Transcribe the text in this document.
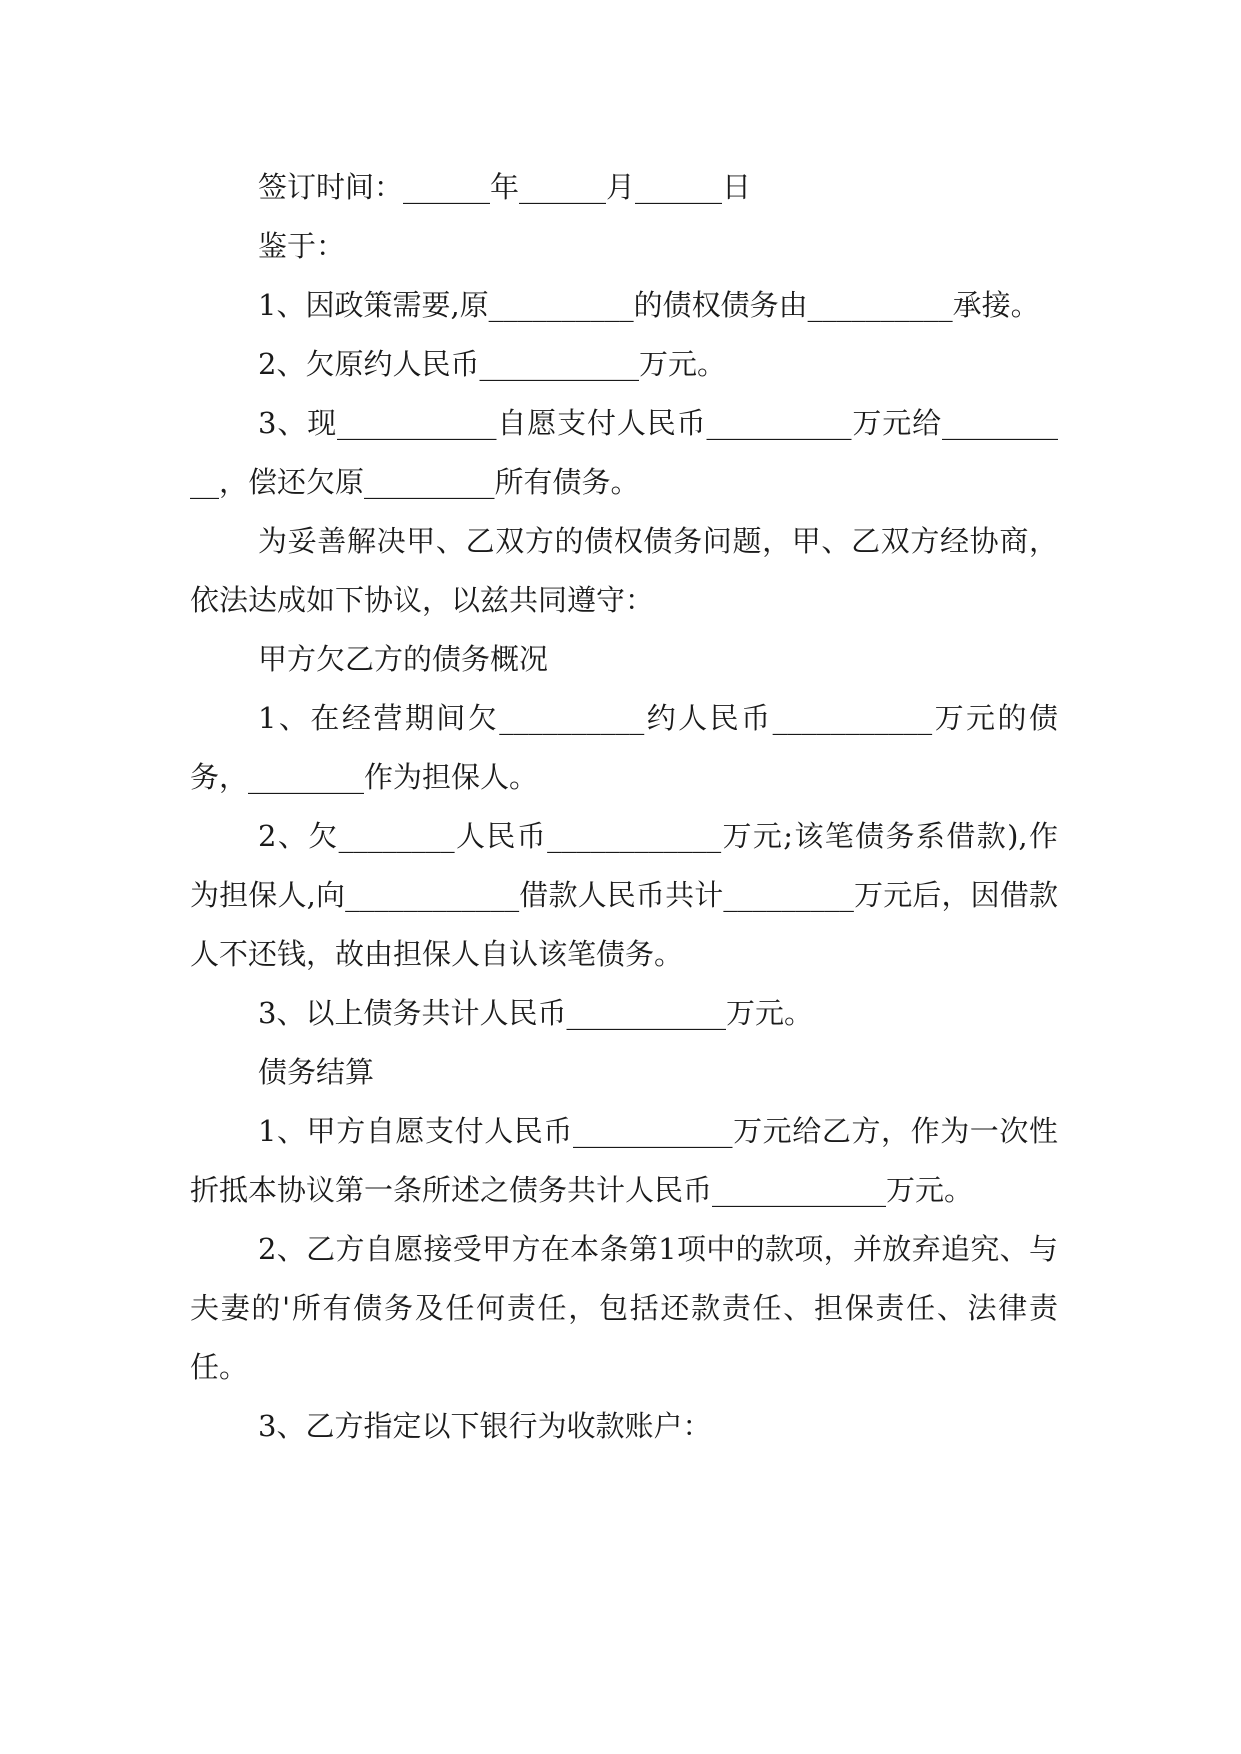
签订时间：______年______月______日

鉴于：

1、因政策需要,原__________的债权债务由__________承接。

2、欠原约人民币___________万元。

3、现___________自愿支付人民币__________万元给__________，偿还欠原_________所有债务。

为妥善解决甲、乙双方的债权债务问题，甲、乙双方经协商，依法达成如下协议，以兹共同遵守：

甲方欠乙方的债务概况

1、在经营期间欠__________约人民币___________万元的债务，________作为担保人。

2、欠________人民币____________万元;该笔债务系借款),作为担保人,向____________借款人民币共计_________万元后，因借款人不还钱，故由担保人自认该笔债务。

3、以上债务共计人民币___________万元。

债务结算

1、甲方自愿支付人民币___________万元给乙方，作为一次性折抵本协议第一条所述之债务共计人民币____________万元。

2、乙方自愿接受甲方在本条第1项中的款项，并放弃追究、与夫妻的'所有债务及任何责任，包括还款责任、担保责任、法律责任。

3、乙方指定以下银行为收款账户：
